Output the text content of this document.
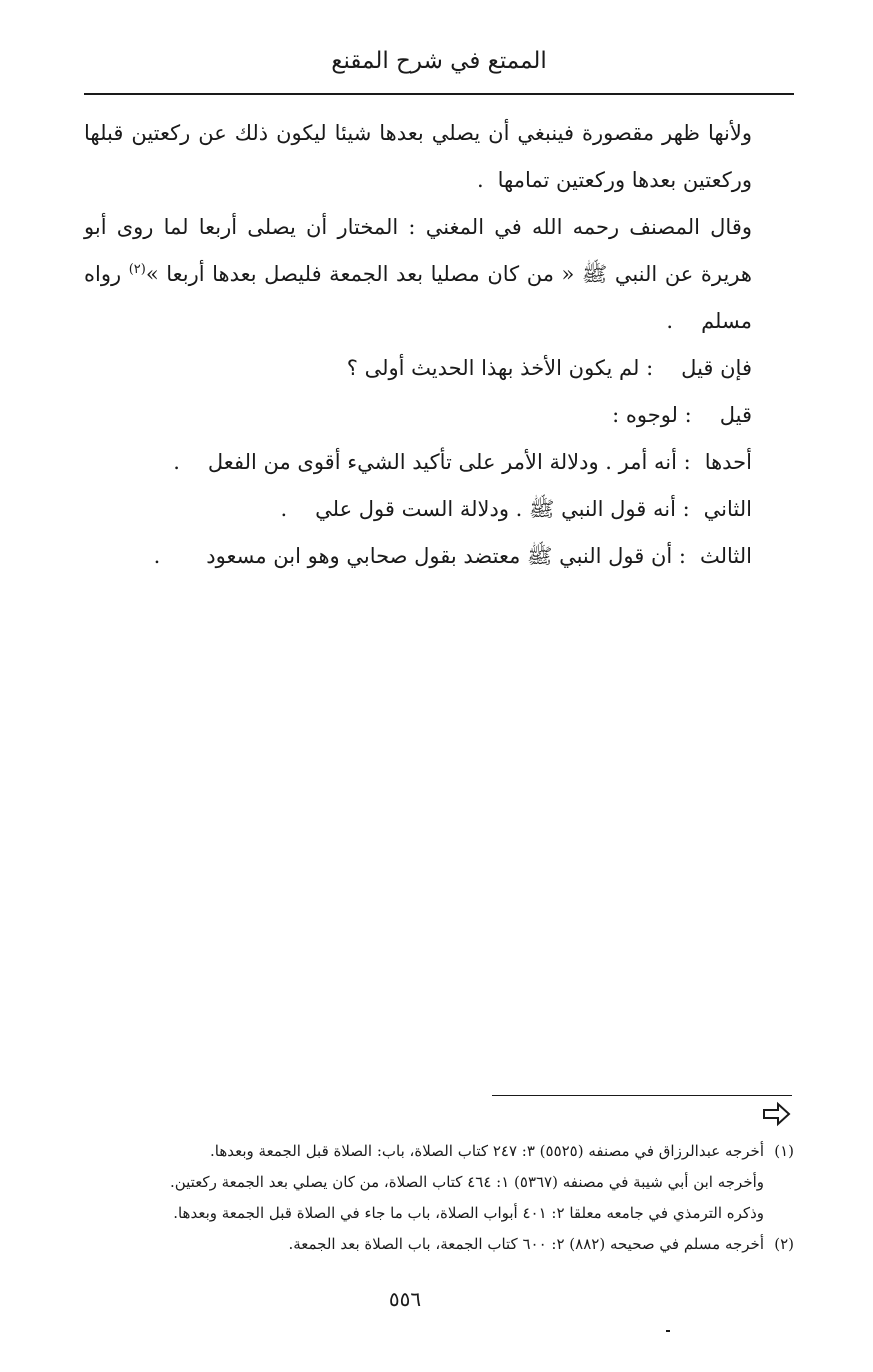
الممتع في شرح المقنع

ولأنها ظهر مقصورة فينبغي أن يصلي بعدها شيئا ليكون ذلك عن ركعتين قبلها وركعتين بعدها وركعتين تمامها.

وقال المصنف رحمه الله في المغني : المختار أن يصلى أربعا لما روى أبو هريرة عن النبي ﷺ « من كان مصليا بعد الجمعة فليصل بعدها أربعا »$^{(٢)}$ رواه مسلم.

فإن قيل: لم يكون الأخذ بهذا الحديث أولى ؟
قيل: لوجوه :
أحدها: أنه أمر . ودلالة الأمر على تأكيد الشيء أقوى من الفعل.
الثاني: أنه قول النبي ﷺ . ودلالة الست قول علي.
الثالث: أن قول النبي ﷺ معتضد بقول صحابي وهو ابن مسعود.
(١)أخرجه عبدالرزاق في مصنفه (٥٥٢٥) ٣: ٢٤٧ كتاب الصلاة، باب: الصلاة قبل الجمعة وبعدها.
وأخرجه ابن أبي شيبة في مصنفه (٥٣٦٧) ١: ٤٦٤ كتاب الصلاة، من كان يصلي بعد الجمعة ركعتين.
وذكره الترمذي في جامعه معلقا ٢: ٤٠١ أبواب الصلاة، باب ما جاء في الصلاة قبل الجمعة وبعدها.
(٢)أخرجه مسلم في صحيحه (٨٨٢) ٢: ٦٠٠ كتاب الجمعة، باب الصلاة بعد الجمعة.
٥٥٦
